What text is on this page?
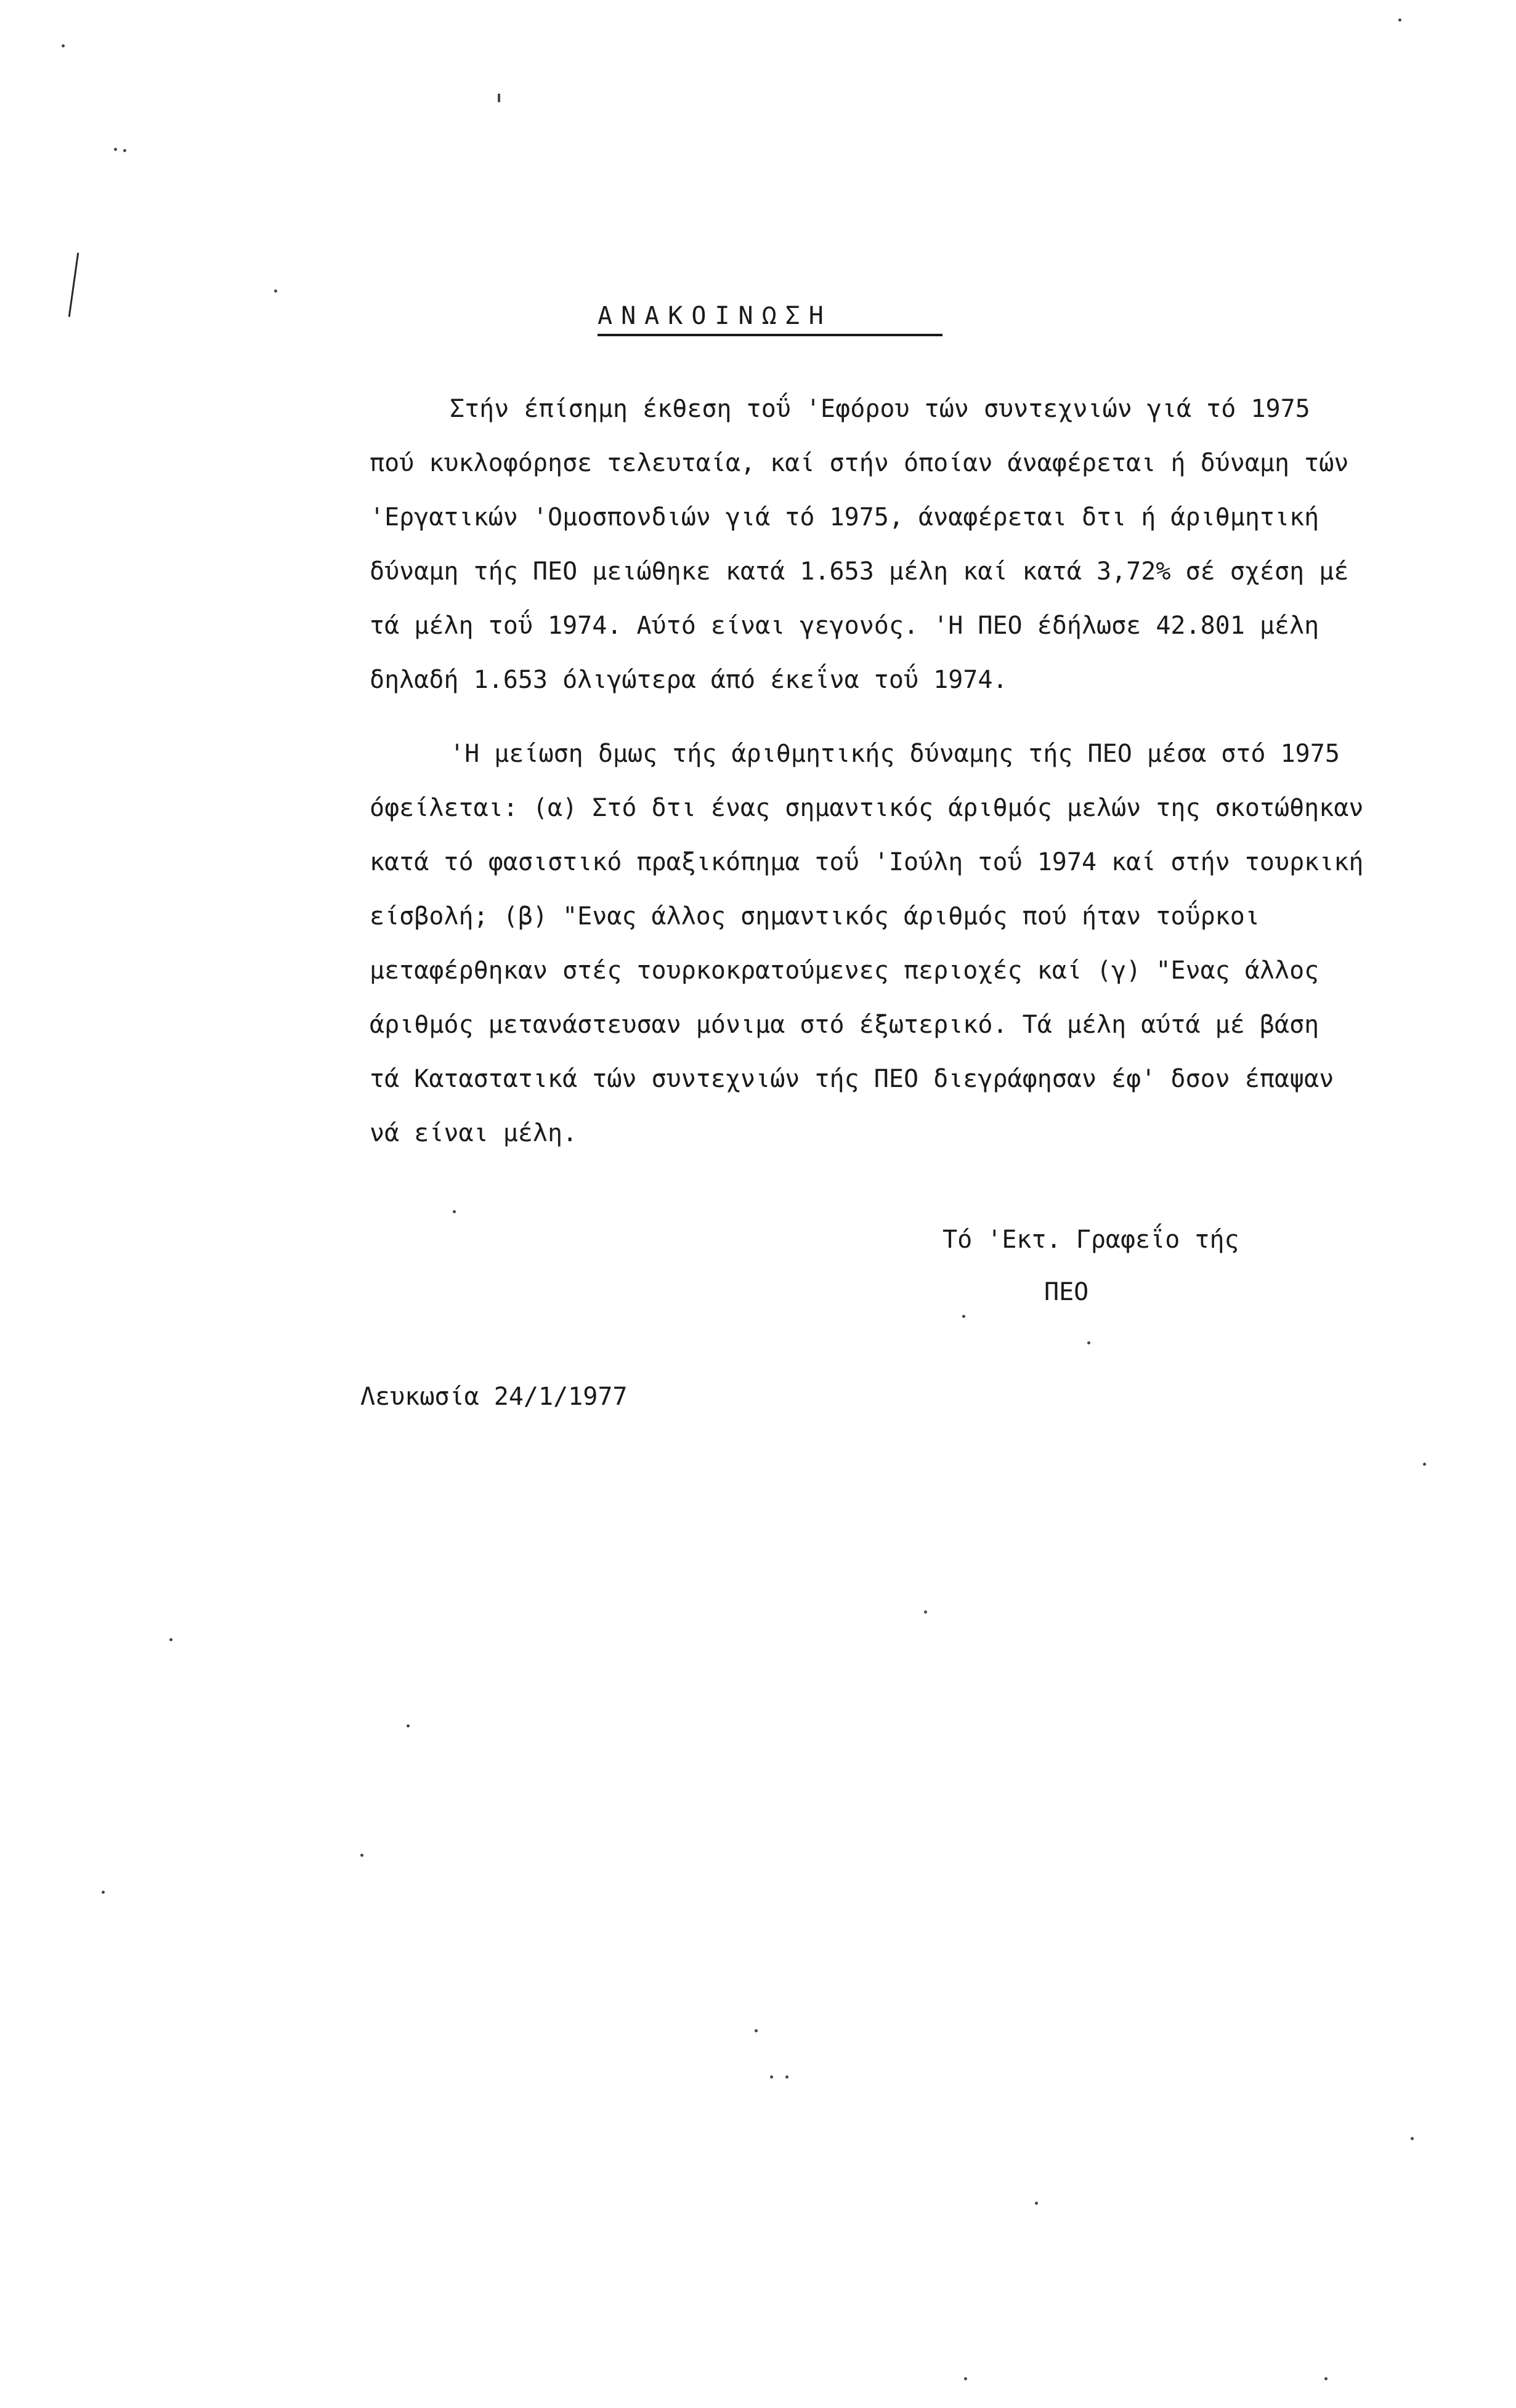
ΑΝΑΚΟΙΝΩΣΗ
Στήν έπίσημη έκθεση τοΰ 'Εφόρου τών συντεχνιών γιά τό 1975
πού κυκλοφόρησε τελευταία, καί στήν όποίαν άναφέρεται ή δύναμη τών
'Εργατικών 'Ομοσπονδιών γιά τό 1975, άναφέρεται δτι ή άριθμητική
δύναμη τής ΠΕΟ μειώθηκε κατά 1.653 μέλη καί κατά 3,72% σέ σχέση μέ
τά μέλη τοΰ 1974. Αύτό είναι γεγονός. 'Η ΠΕΟ έδήλωσε 42.801 μέλη
δηλαδή 1.653 όλιγώτερα άπό έκεΐνα τοΰ 1974.
'Η μείωση δμως τής άριθμητικής δύναμης τής ΠΕΟ μέσα στό 1975
όφείλεται: (α) Στό δτι ένας σημαντικός άριθμός μελών της σκοτώθηκαν
κατά τό φασιστικό πραξικόπημα τοΰ 'Ιούλη τοΰ 1974 καί στήν τουρκική
είσβολή; (β) "Ενας άλλος σημαντικός άριθμός πού ήταν τοΰρκοι
μεταφέρθηκαν στές τουρκοκρατούμενες περιοχές καί (γ) "Ενας άλλος
άριθμός μετανάστευσαν μόνιμα στό έξωτερικό. Τά μέλη αύτά μέ βάση
τά Καταστατικά τών συντεχνιών τής ΠΕΟ διεγράφησαν έφ' δσον έπαψαν
νά είναι μέλη.
Τό 'Εκτ. Γραφεΐο τής
ΠΕΟ
Λευκωσία 24/1/1977
